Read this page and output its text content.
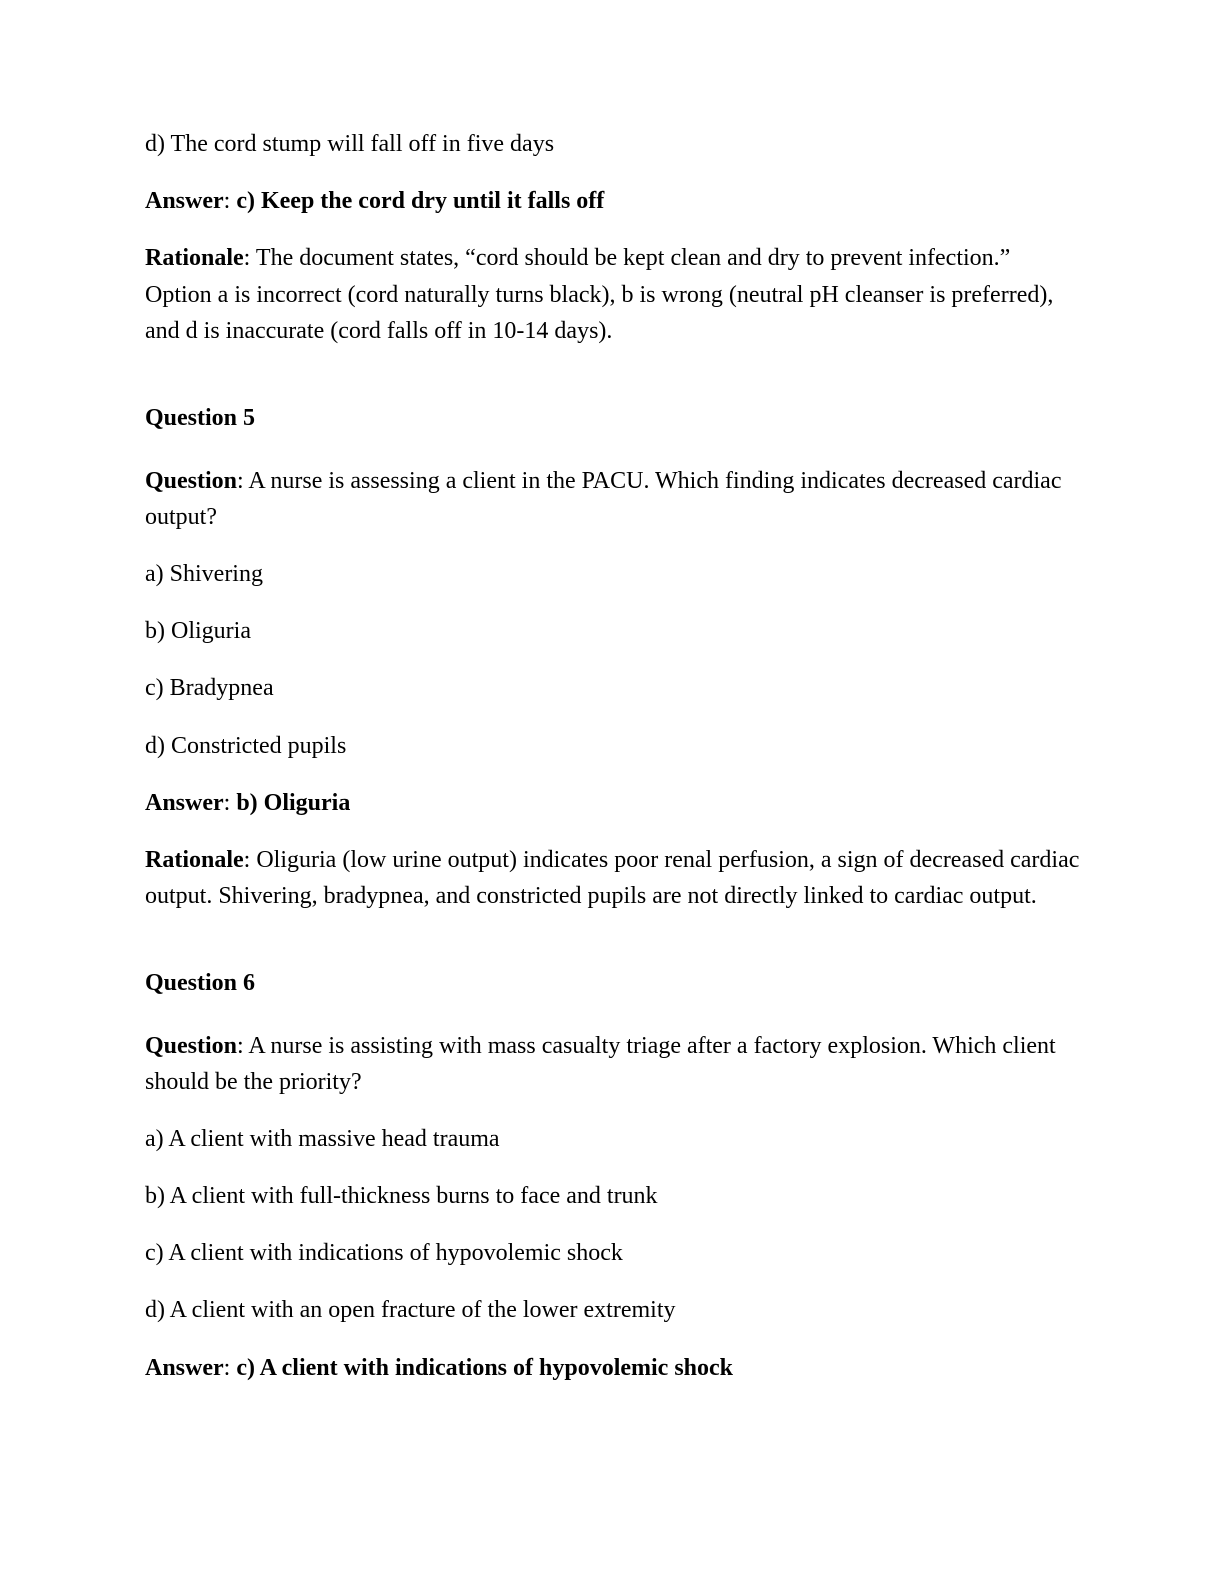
d) The cord stump will fall off in five days

Answer: c) Keep the cord dry until it falls off

Rationale: The document states, “cord should be kept clean and dry to prevent infection.” Option a is incorrect (cord naturally turns black), b is wrong (neutral pH cleanser is preferred), and d is inaccurate (cord falls off in 10-14 days).

Question 5

Question: A nurse is assessing a client in the PACU. Which finding indicates decreased cardiac output?

a) Shivering

b) Oliguria

c) Bradypnea

d) Constricted pupils

Answer: b) Oliguria

Rationale: Oliguria (low urine output) indicates poor renal perfusion, a sign of decreased cardiac output. Shivering, bradypnea, and constricted pupils are not directly linked to cardiac output.

Question 6

Question: A nurse is assisting with mass casualty triage after a factory explosion. Which client should be the priority?

a) A client with massive head trauma

b) A client with full-thickness burns to face and trunk

c) A client with indications of hypovolemic shock

d) A client with an open fracture of the lower extremity

Answer: c) A client with indications of hypovolemic shock
